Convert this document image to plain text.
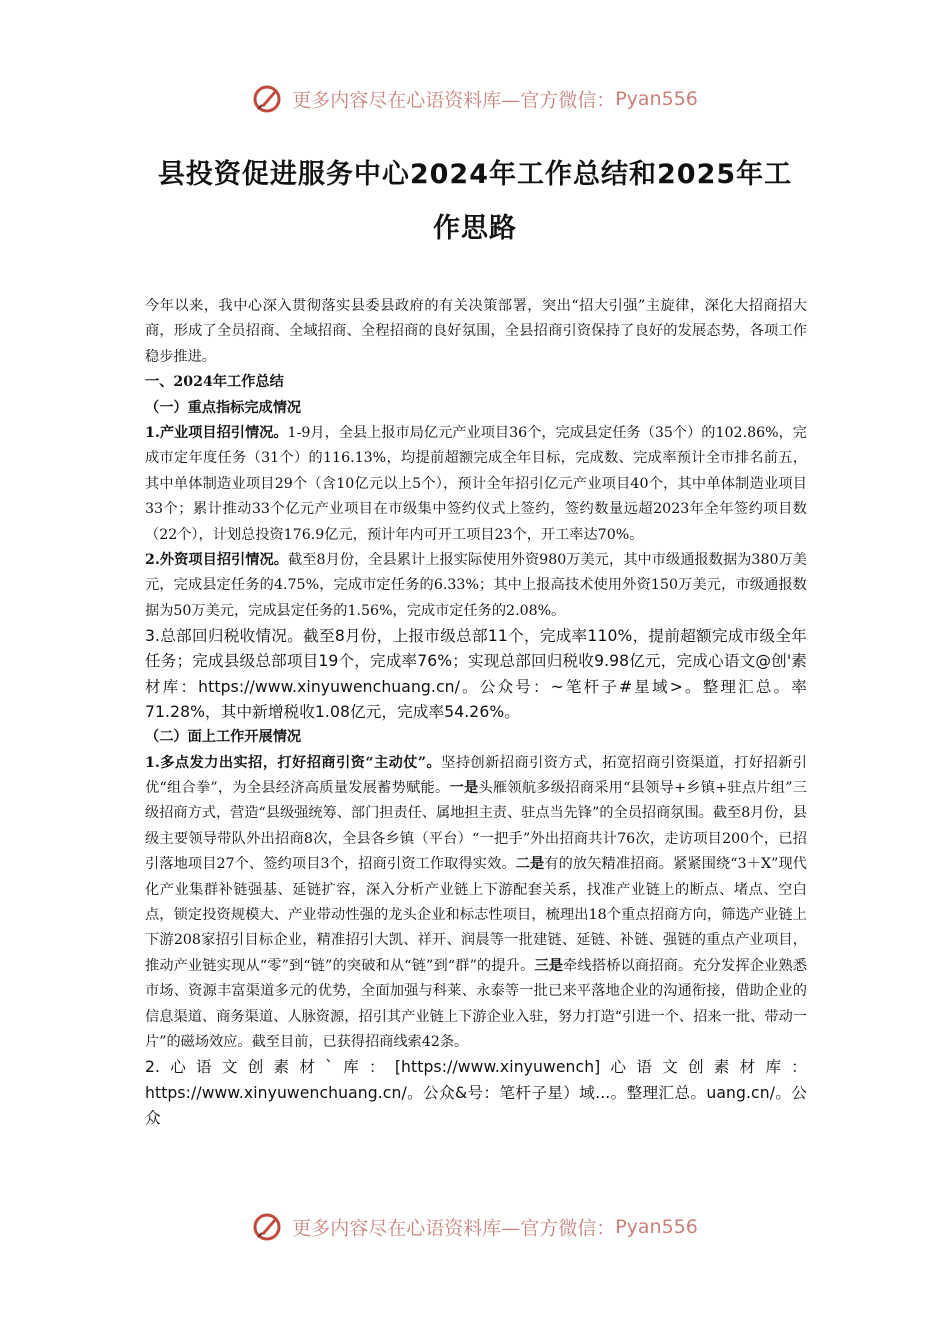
更多内容尽在心语资料库—官方微信：Pyan556
县投资促进服务中心2024年工作总结和2025年工作思路

今年以来，我中心深入贯彻落实县委县政府的有关决策部署，突出“招大引强”主旋律，深化大招商招大商，形成了全员招商、全域招商、全程招商的良好氛围，全县招商引资保持了良好的发展态势，各项工作稳步推进。

一、2024年工作总结

（一）重点指标完成情况

1.产业项目招引情况。1-9月，全县上报市局亿元产业项目36个，完成县定任务（35个）的102.86%，完成市定年度任务（31个）的116.13%，均提前超额完成全年目标，完成数、完成率预计全市排名前五，其中单体制造业项目29个（含10亿元以上5个），预计全年招引亿元产业项目40个，其中单体制造业项目33个；累计推动33个亿元产业项目在市级集中签约仪式上签约，签约数量远超2023年全年签约项目数（22个），计划总投资176.9亿元，预计年内可开工项目23个，开工率达70%。

2.外资项目招引情况。截至8月份，全县累计上报实际使用外资980万美元，其中市级通报数据为380万美元，完成县定任务的4.75%，完成市定任务的6.33%；其中上报高技术使用外资150万美元，市级通报数据为50万美元，完成县定任务的1.56%，完成市定任务的2.08%。

3.总部回归税收情况。截至8月份，上报市级总部11个，完成率110%，提前超额完成市级全年任务；完成县级总部项目19个，完成率76%；实现总部回归税收9.98亿元，完成心语文@创'素材库：https://www.xinyuwenchuang.cn/。公众号：~笔杆子#星域>。整理汇总。率71.28%，其中新增税收1.08亿元，完成率54.26%。

（二）面上工作开展情况

1.多点发力出实招，打好招商引资“主动仗”。坚持创新招商引资方式，拓宽招商引资渠道，打好招新引优“组合拳”，为全县经济高质量发展蓄势赋能。一是头雁领航多级招商采用“县领导+乡镇+驻点片组”三级招商方式，营造“县级强统筹、部门担责任、属地担主责、驻点当先锋”的全员招商氛围。截至8月份，县级主要领导带队外出招商8次，全县各乡镇（平台）“一把手”外出招商共计76次，走访项目200个，已招引落地项目27个、签约项目3个，招商引资工作取得实效。二是有的放矢精准招商。紧紧围绕“3＋X”现代化产业集群补链强基、延链扩容，深入分析产业链上下游配套关系，找准产业链上的断点、堵点、空白点，锁定投资规模大、产业带动性强的龙头企业和标志性项目，梳理出18个重点招商方向，筛选产业链上下游208家招引目标企业，精准招引大凯、祥开、润晨等一批建链、延链、补链、强链的重点产业项目，推动产业链实现从“零”到“链”的突破和从“链”到“群”的提升。三是牵线搭桥以商招商。充分发挥企业熟悉市场、资源丰富渠道多元的优势，全面加强与科莱、永泰等一批已来平落地企业的沟通衔接，借助企业的信息渠道、商务渠道、人脉资源，招引其产业链上下游企业入驻，努力打造“引进一个、招来一批、带动一片”的磁场效应。截至目前，已获得招商线索42条。

2.心语文创素材`库：[https://www.xinyuwench]心语文创素材库：https://www.xinyuwenchuang.cn/。公众&号：笔杆子星）域...。整理汇总。uang.cn/。公众

更多内容尽在心语资料库—官方微信：Pyan556
